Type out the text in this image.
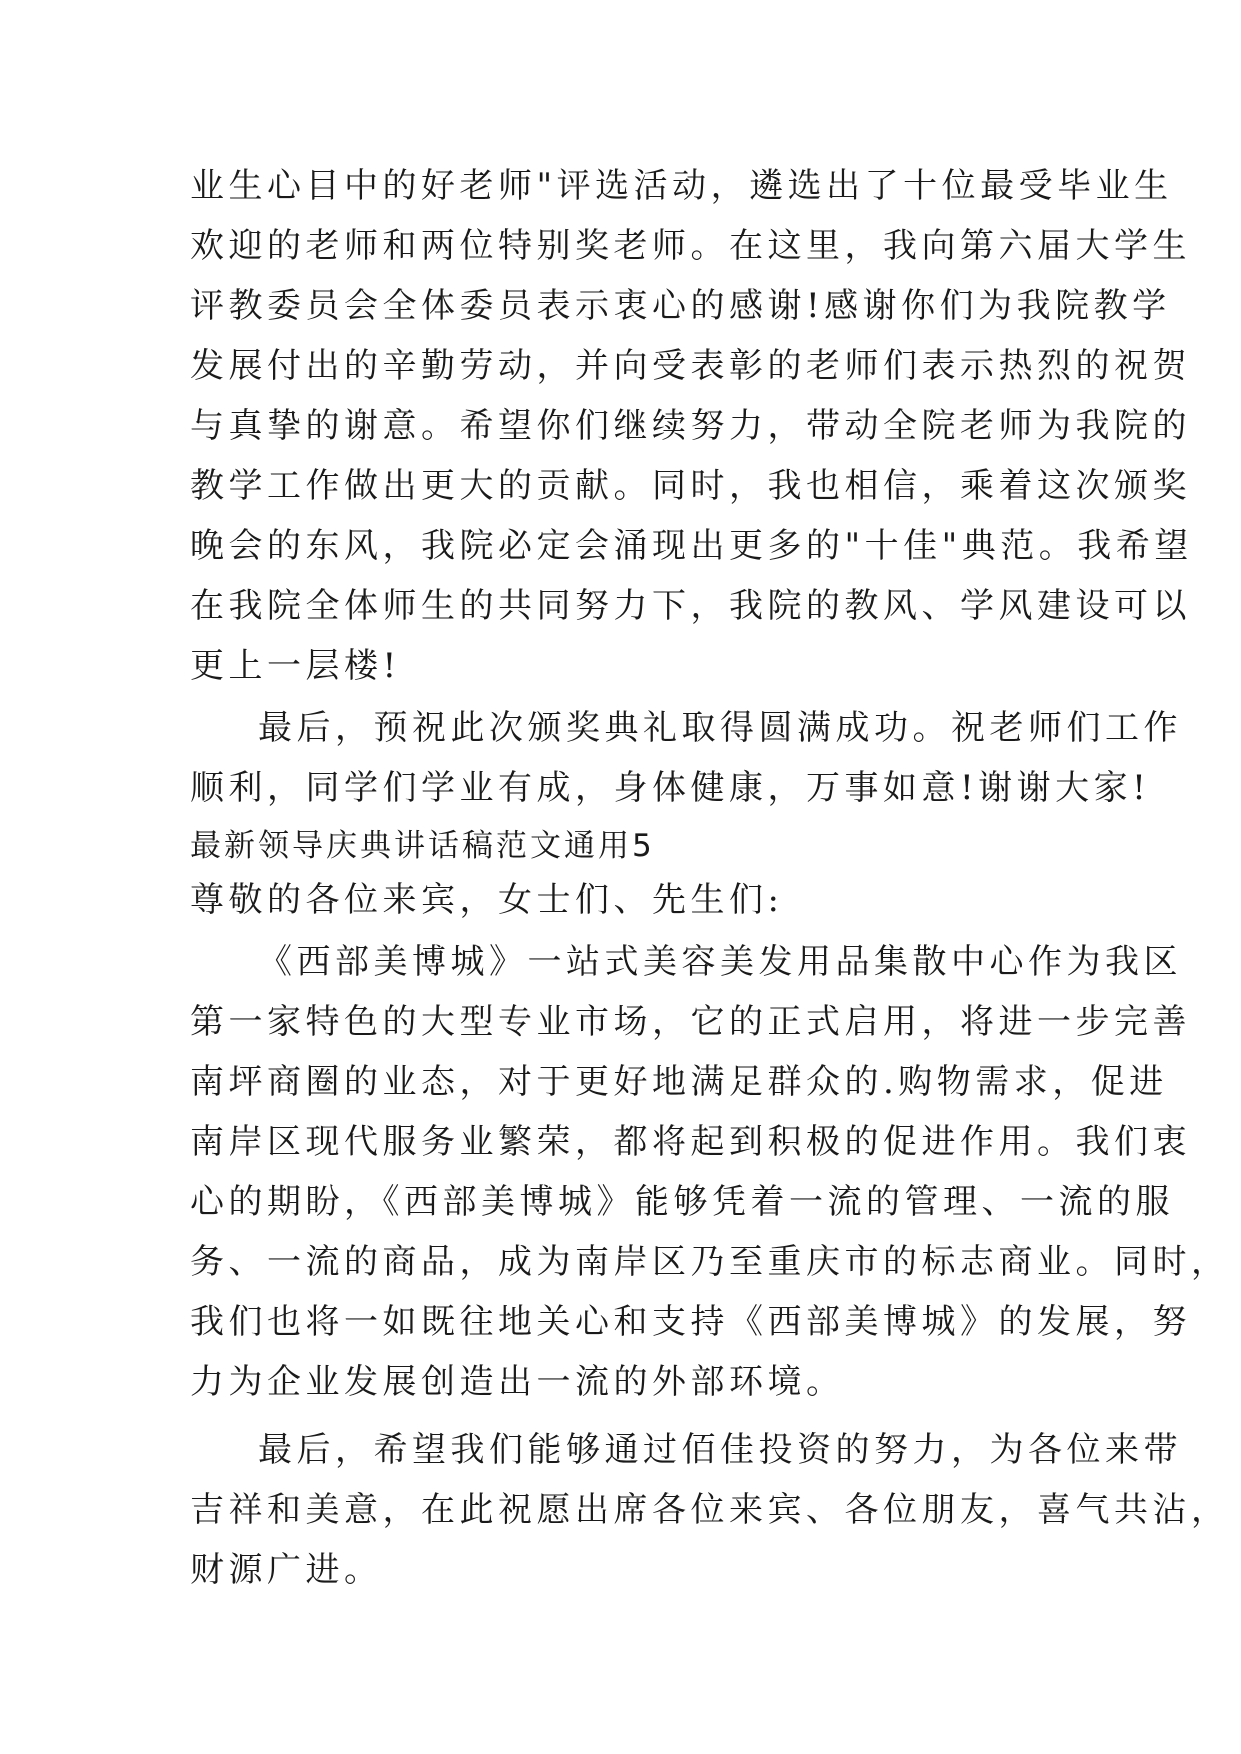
业生心目中的好老师"评选活动，遴选出了十位最受毕业生
欢迎的老师和两位特别奖老师。在这里，我向第六届大学生
评教委员会全体委员表示衷心的感谢!感谢你们为我院教学
发展付出的辛勤劳动，并向受表彰的老师们表示热烈的祝贺
与真挚的谢意。希望你们继续努力，带动全院老师为我院的
教学工作做出更大的贡献。同时，我也相信，乘着这次颁奖
晚会的东风，我院必定会涌现出更多的"十佳"典范。我希望
在我院全体师生的共同努力下，我院的教风、学风建设可以
更上一层楼!
最后，预祝此次颁奖典礼取得圆满成功。祝老师们工作
顺利，同学们学业有成，身体健康，万事如意!谢谢大家!
最新领导庆典讲话稿范文通用5
尊敬的各位来宾，女士们、先生们:
《西部美博城》一站式美容美发用品集散中心作为我区
第一家特色的大型专业市场，它的正式启用，将进一步完善
南坪商圈的业态，对于更好地满足群众的.购物需求，促进
南岸区现代服务业繁荣，都将起到积极的促进作用。我们衷
心的期盼，《西部美博城》能够凭着一流的管理、一流的服
务、一流的商品，成为南岸区乃至重庆市的标志商业。同时，
我们也将一如既往地关心和支持《西部美博城》的发展，努
力为企业发展创造出一流的外部环境。
最后，希望我们能够通过佰佳投资的努力，为各位来带
吉祥和美意，在此祝愿出席各位来宾、各位朋友，喜气共沾，
财源广进。
